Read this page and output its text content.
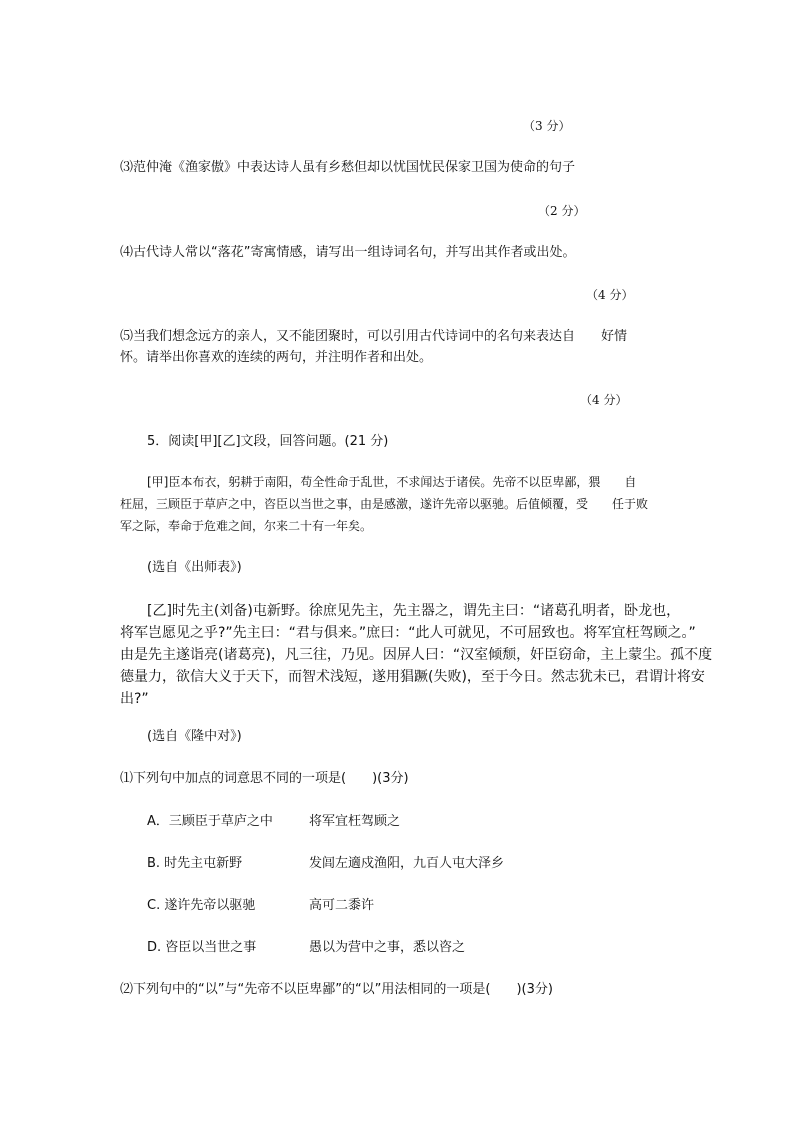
（3 分）
⑶范仲淹《渔家傲》中表达诗人虽有乡愁但却以忧国忧民保家卫国为使命的句子
（2 分）
⑷古代诗人常以“落花”寄寓情感，请写出一组诗词名句，并写出其作者或出处。
（4 分）
⑸当我们想念远方的亲人，又不能团聚时，可以引用古代诗词中的名句来表达自　　好情
怀。请举出你喜欢的连续的两句，并注明作者和出处。
（4 分）
5．阅读[甲][乙]文段，回答问题。(21 分)
[甲]臣本布衣，躬耕于南阳，苟全性命于乱世，不求闻达于诸侯。先帝不以臣卑鄙，猥　　自
枉屈，三顾臣于草庐之中，咨臣以当世之事，由是感激，遂许先帝以驱驰。后值倾覆，受　　任于败
军之际，奉命于危难之间，尔来二十有一年矣。
(选自《出师表》)
[乙]时先主(刘备)屯新野。徐庶见先主，先主器之，谓先主曰：“诸葛孔明者，卧龙也，
将军岂愿见之乎?”先主曰：“君与俱来。”庶曰：“此人可就见，不可屈致也。将军宜枉驾顾之。”
由是先主遂诣亮(诸葛亮)，凡三往，乃见。因屏人曰：“汉室倾颓，奸臣窃命，主上蒙尘。孤不度
德量力，欲信大义于天下，而智术浅短，遂用猖蹶(失败)，至于今日。然志犹未已，君谓计将安
出?”
(选自《隆中对》)
⑴下列句中加点的词意思不同的一项是(　　)(3分)
A．三顾臣于草庐之中	将军宜枉驾顾之
B. 时先主屯新野	发闾左適戍渔阳，九百人屯大泽乡
C. 遂许先帝以驱驰	高可二黍许
D. 咨臣以当世之事	愚以为营中之事，悉以咨之
⑵下列句中的“以”与“先帝不以臣卑鄙”的“以”用法相同的一项是(　　)(3分)
